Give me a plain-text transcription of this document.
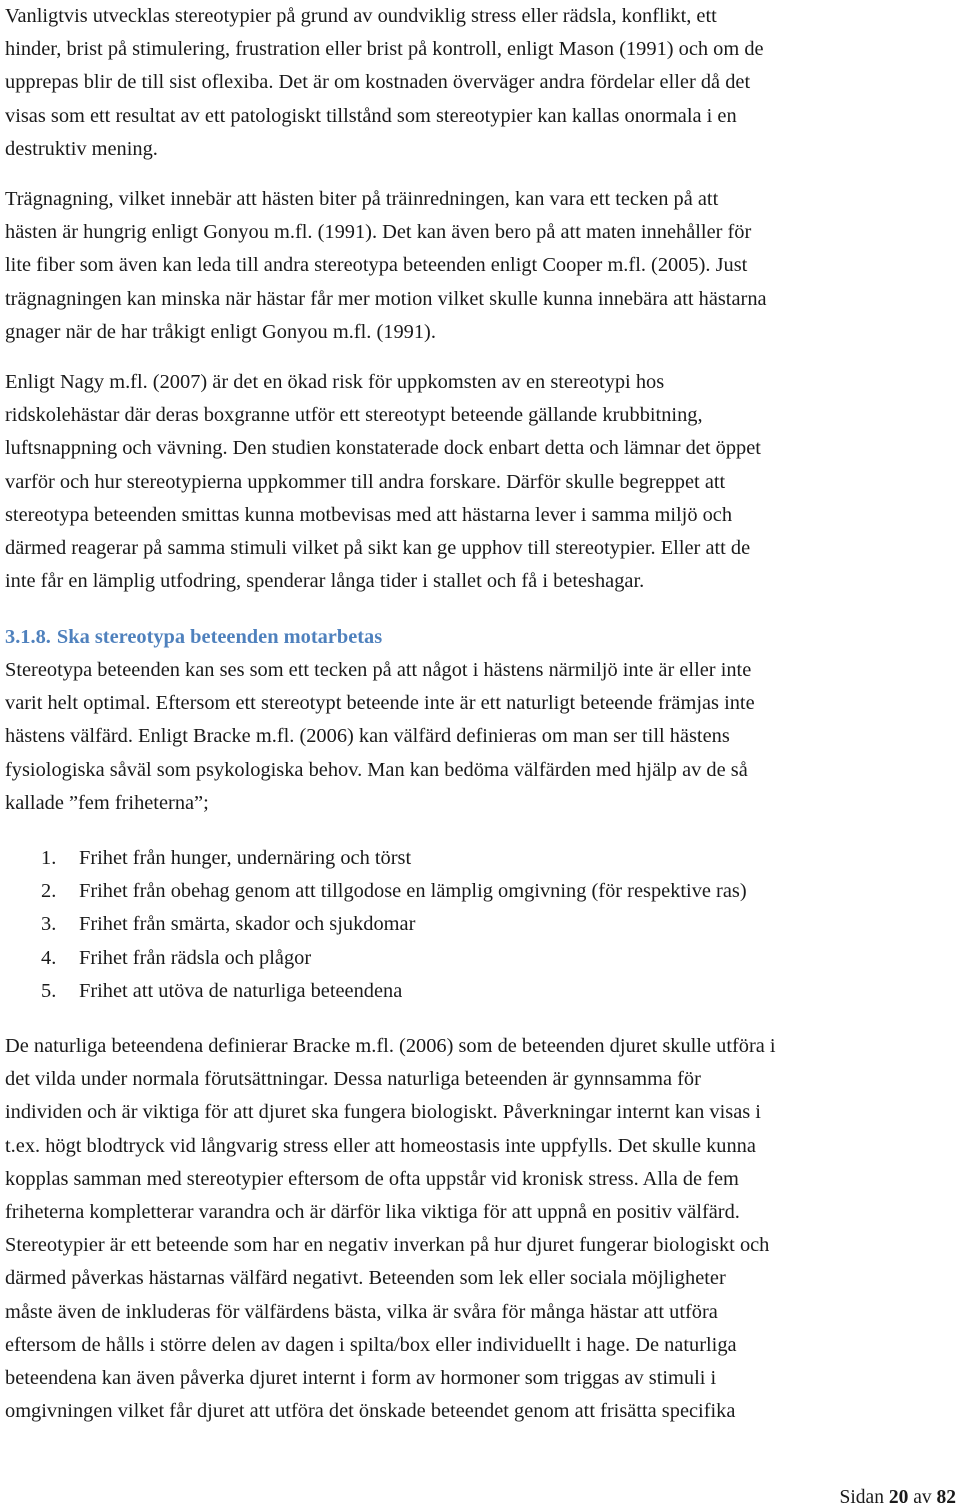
Vanligtvis utvecklas stereotypier på grund av oundviklig stress eller rädsla, konflikt, ett
hinder, brist på stimulering, frustration eller brist på kontroll, enligt Mason (1991) och om de
upprepas blir de till sist oflexiba. Det är om kostnaden överväger andra fördelar eller då det
visas som ett resultat av ett patologiskt tillstånd som stereotypier kan kallas onormala i en
destruktiv mening.

Trägnagning, vilket innebär att hästen biter på träinredningen, kan vara ett tecken på att
hästen är hungrig enligt Gonyou m.fl. (1991). Det kan även bero på att maten innehåller för
lite fiber som även kan leda till andra stereotypa beteenden enligt Cooper m.fl. (2005). Just
trägnagningen kan minska när hästar får mer motion vilket skulle kunna innebära att hästarna
gnager när de har tråkigt enligt Gonyou m.fl. (1991).

Enligt Nagy m.fl. (2007) är det en ökad risk för uppkomsten av en stereotypi hos
ridskolehästar där deras boxgranne utför ett stereotypt beteende gällande krubbitning,
luftsnappning och vävning. Den studien konstaterade dock enbart detta och lämnar det öppet
varför och hur stereotypierna uppkommer till andra forskare. Därför skulle begreppet att
stereotypa beteenden smittas kunna motbevisas med att hästarna lever i samma miljö och
därmed reagerar på samma stimuli vilket på sikt kan ge upphov till stereotypier. Eller att de
inte får en lämplig utfodring, spenderar långa tider i stallet och få i beteshagar.

3.1.8. Ska stereotypa beteenden motarbetas

Stereotypa beteenden kan ses som ett tecken på att något i hästens närmiljö inte är eller inte
varit helt optimal. Eftersom ett stereotypt beteende inte är ett naturligt beteende främjas inte
hästens välfärd. Enligt Bracke m.fl. (2006) kan välfärd definieras om man ser till hästens
fysiologiska såväl som psykologiska behov. Man kan bedöma välfärden med hjälp av de så
kallade ”fem friheterna”;

1.	Frihet från hunger, undernäring och törst
2.	Frihet från obehag genom att tillgodose en lämplig omgivning (för respektive ras)
3.	Frihet från smärta, skador och sjukdomar
4.	Frihet från rädsla och plågor
5.	Frihet att utöva de naturliga beteendena

De naturliga beteendena definierar Bracke m.fl. (2006) som de beteenden djuret skulle utföra i
det vilda under normala förutsättningar. Dessa naturliga beteenden är gynnsamma för
individen och är viktiga för att djuret ska fungera biologiskt. Påverkningar internt kan visas i
t.ex. högt blodtryck vid långvarig stress eller att homeostasis inte uppfylls. Det skulle kunna
kopplas samman med stereotypier eftersom de ofta uppstår vid kronisk stress. Alla de fem
friheterna kompletterar varandra och är därför lika viktiga för att uppnå en positiv välfärd.
Stereotypier är ett beteende som har en negativ inverkan på hur djuret fungerar biologiskt och
därmed påverkas hästarnas välfärd negativt. Beteenden som lek eller sociala möjligheter
måste även de inkluderas för välfärdens bästa, vilka är svåra för många hästar att utföra
eftersom de hålls i större delen av dagen i spilta/box eller individuellt i hage. De naturliga
beteendena kan även påverka djuret internt i form av hormoner som triggas av stimuli i
omgivningen vilket får djuret att utföra det önskade beteendet genom att frisätta specifika

Sidan 20 av 82
